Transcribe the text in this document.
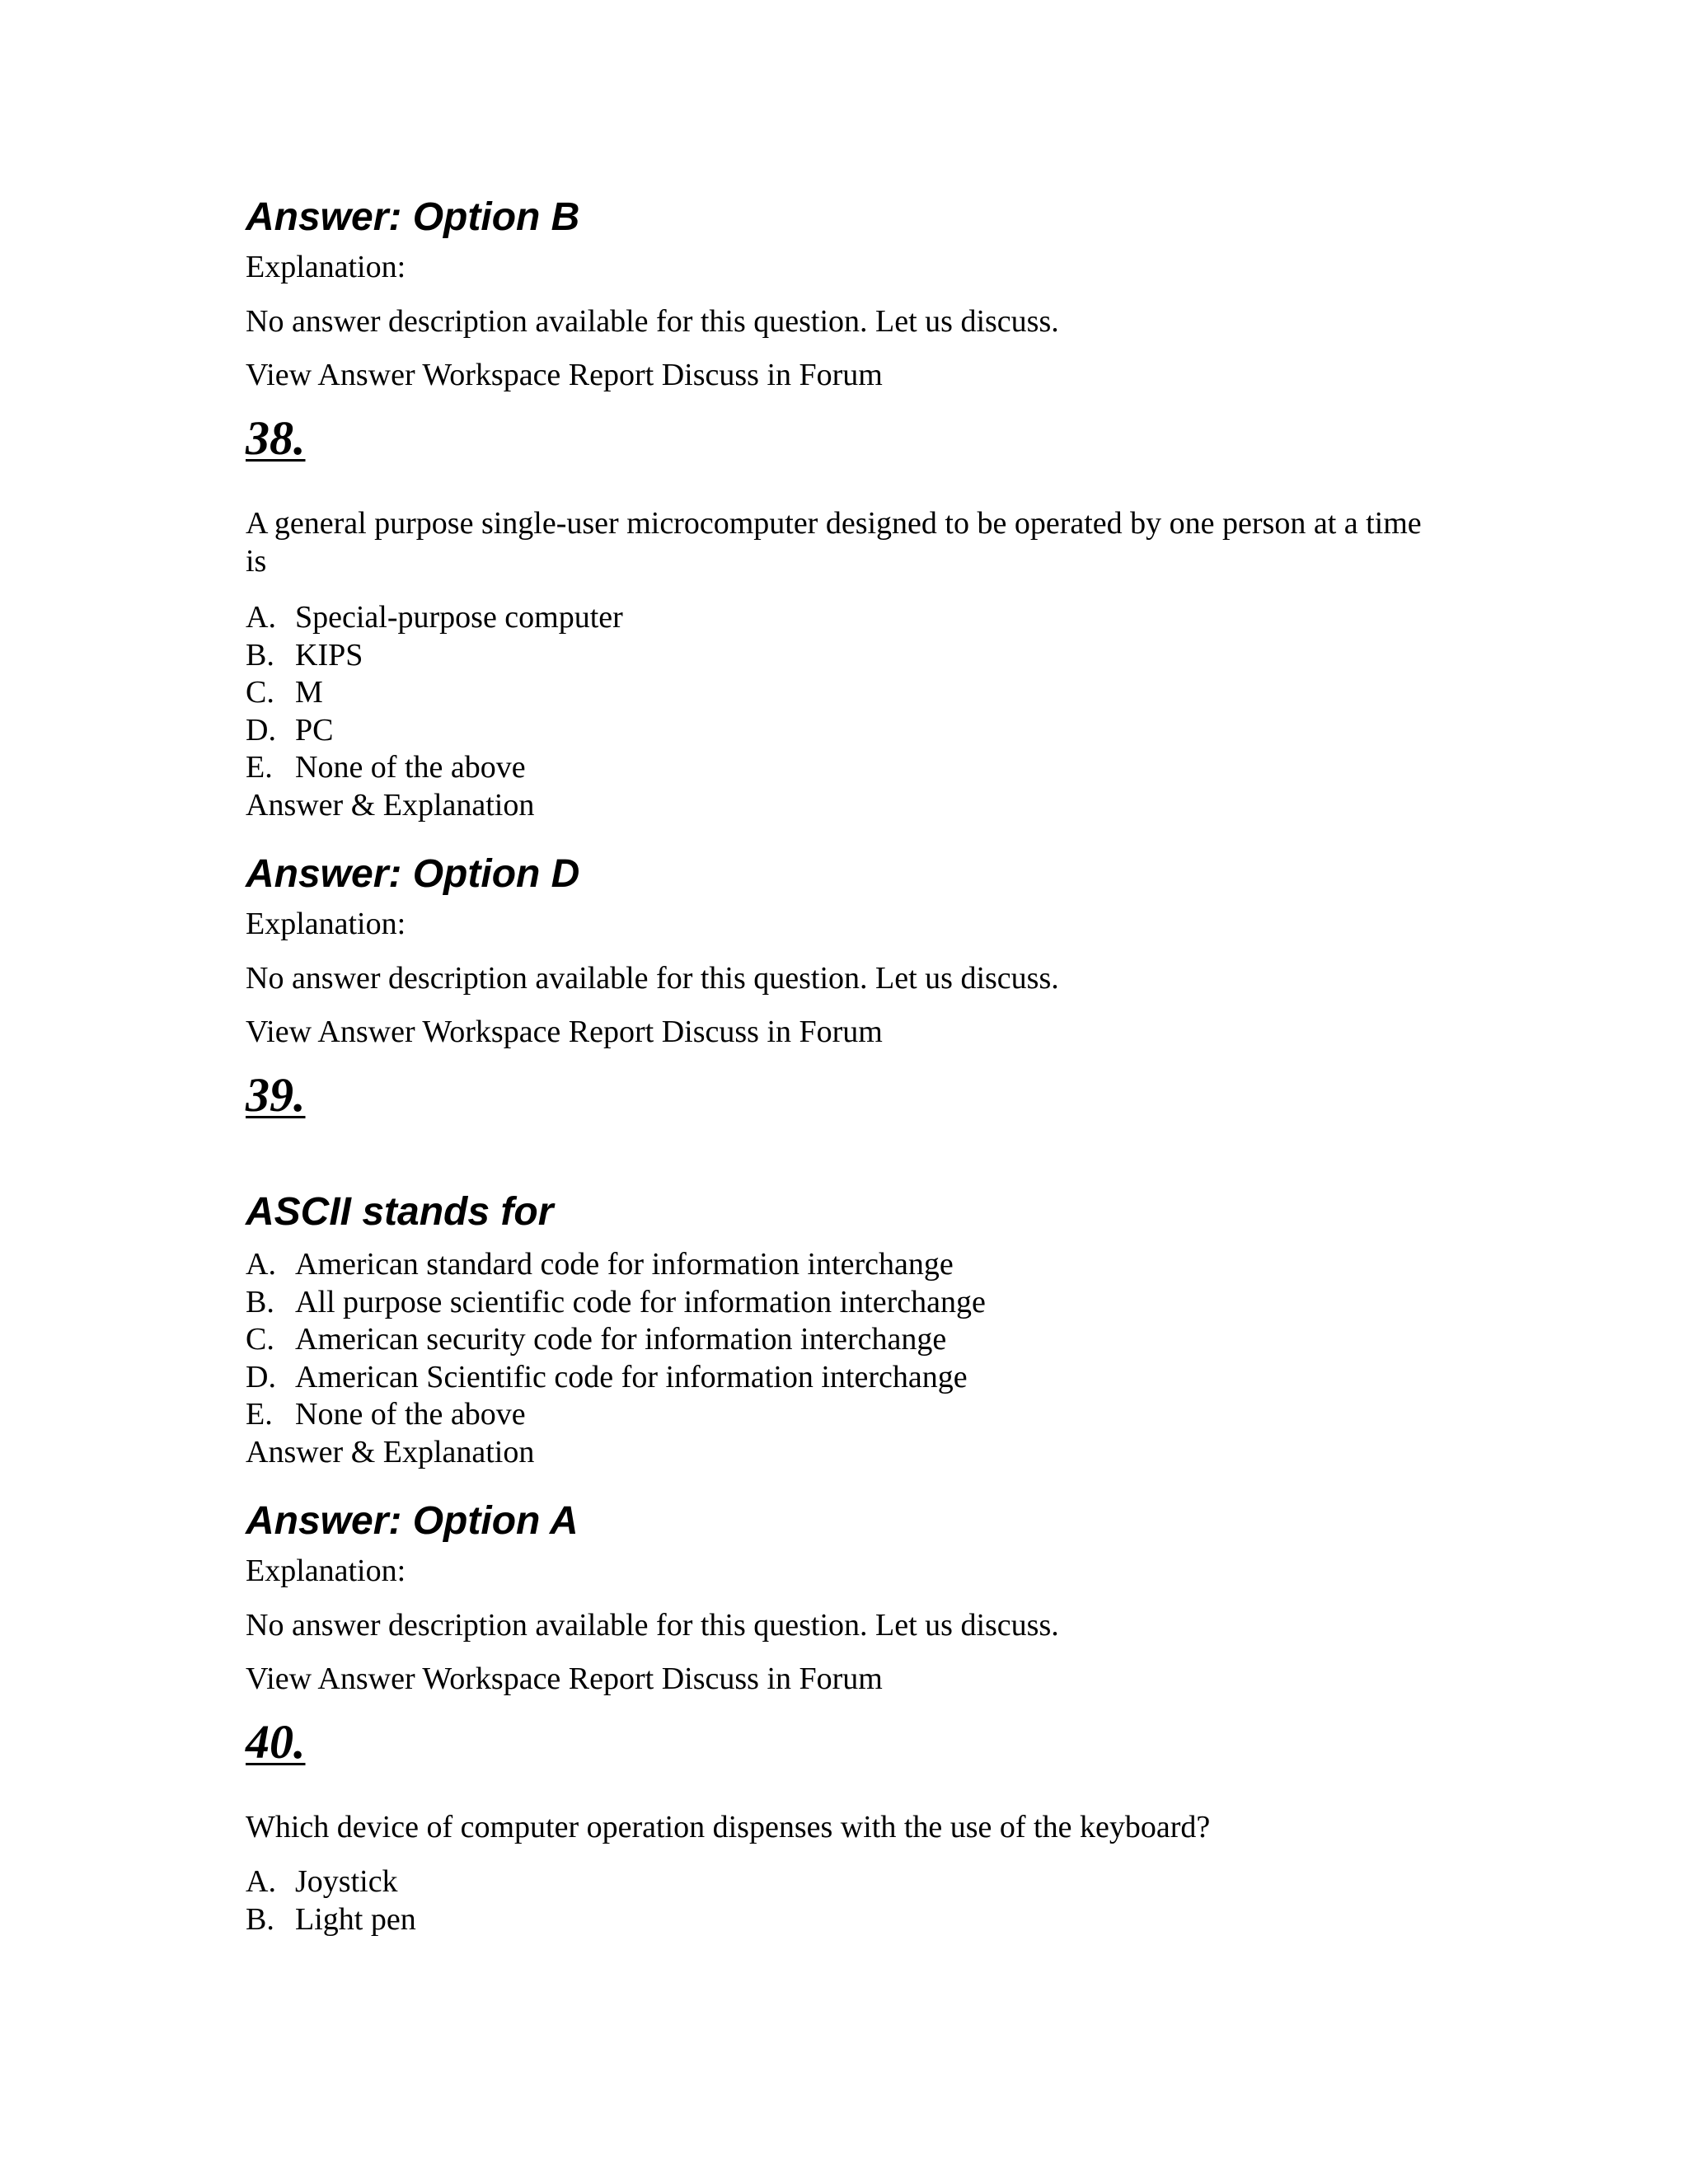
Answer: Option B
Explanation:
No answer description available for this question. Let us discuss.
View Answer Workspace Report Discuss in Forum
38.
A general purpose single-user microcomputer designed to be operated by one person at a time is
A. Special-purpose computer
B. KIPS
C. M
D. PC
E. None of the above
Answer & Explanation
Answer: Option D
Explanation:
No answer description available for this question. Let us discuss.
View Answer Workspace Report Discuss in Forum
39.
ASCII stands for
A. American standard code for information interchange
B. All purpose scientific code for information interchange
C. American security code for information interchange
D. American Scientific code for information interchange
E. None of the above
Answer & Explanation
Answer: Option A
Explanation:
No answer description available for this question. Let us discuss.
View Answer Workspace Report Discuss in Forum
40.
Which device of computer operation dispenses with the use of the keyboard?
A. Joystick
B. Light pen
